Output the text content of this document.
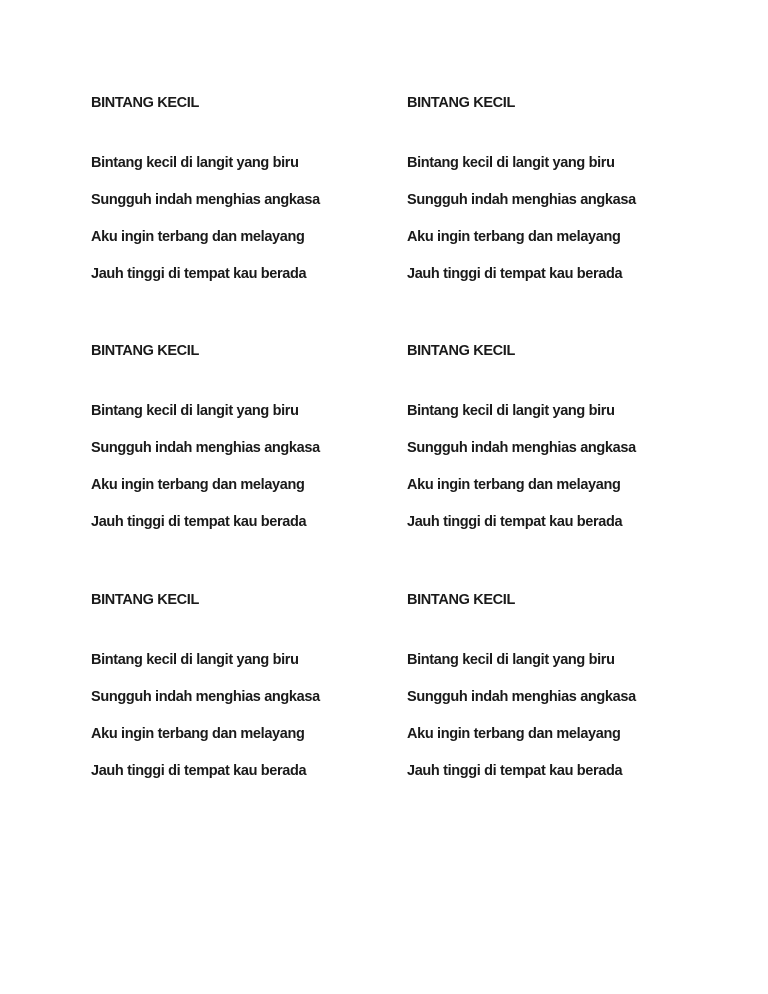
BINTANG KECIL
Bintang kecil di langit yang biru
Sungguh indah menghias angkasa
Aku ingin terbang dan melayang
Jauh tinggi di tempat kau berada
BINTANG KECIL
Bintang kecil di langit yang biru
Sungguh indah menghias angkasa
Aku ingin terbang dan melayang
Jauh tinggi di tempat kau berada
BINTANG KECIL
Bintang kecil di langit yang biru
Sungguh indah menghias angkasa
Aku ingin terbang dan melayang
Jauh tinggi di tempat kau berada
BINTANG KECIL
Bintang kecil di langit yang biru
Sungguh indah menghias angkasa
Aku ingin terbang dan melayang
Jauh tinggi di tempat kau berada
BINTANG KECIL
Bintang kecil di langit yang biru
Sungguh indah menghias angkasa
Aku ingin terbang dan melayang
Jauh tinggi di tempat kau berada
BINTANG KECIL
Bintang kecil di langit yang biru
Sungguh indah menghias angkasa
Aku ingin terbang dan melayang
Jauh tinggi di tempat kau berada
